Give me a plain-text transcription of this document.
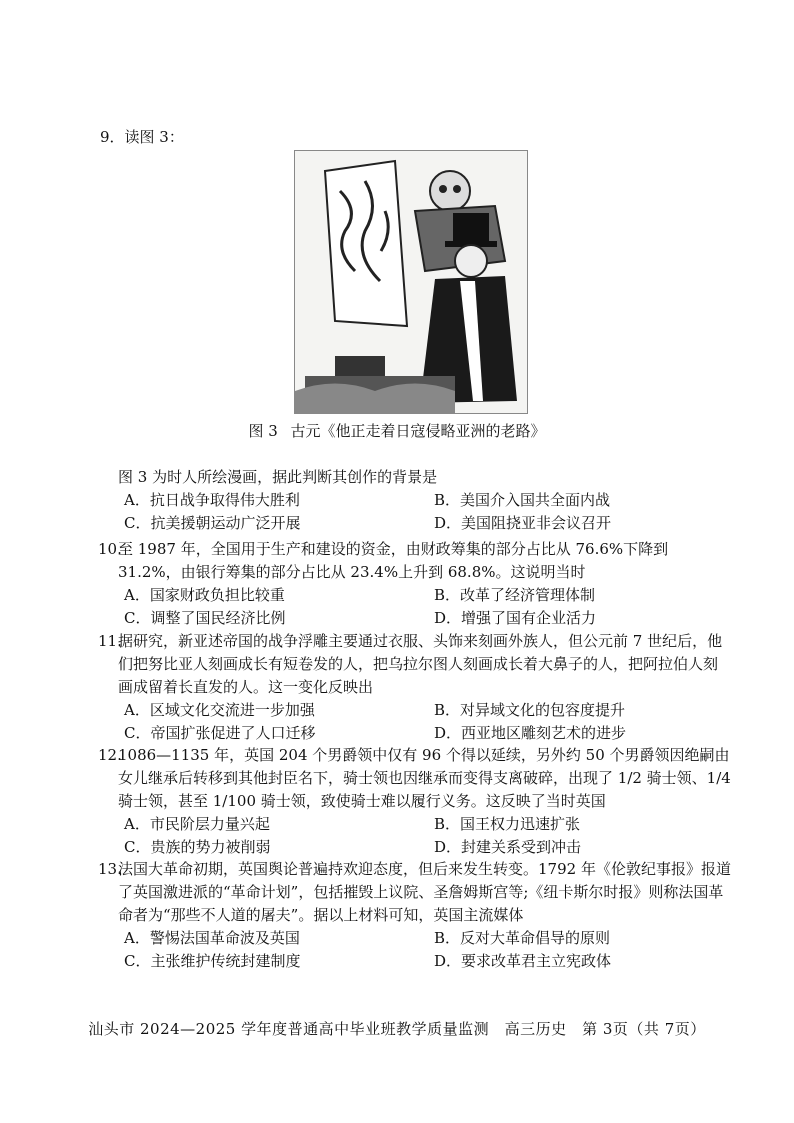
9．读图 3：
图 3 古元《他正走着日寇侵略亚洲的老路》

图 3 为时人所绘漫画，据此判断其创作的背景是

A．抗日战争取得伟大胜利	B．美国介入国共全面内战
C．抗美援朝运动广泛开展	D．美国阻挠亚非会议召开
10.

至 1987 年，全国用于生产和建设的资金，由财政筹集的部分占比从 76.6%下降到 31.2%，由银行筹集的部分占比从 23.4%上升到 68.8%。这说明当时

A．国家财政负担比较重	B．改革了经济管理体制
C．调整了国民经济比例	D．增强了国有企业活力
11.

据研究，新亚述帝国的战争浮雕主要通过衣服、头饰来刻画外族人，但公元前 7 世纪后，他们把努比亚人刻画成长有短卷发的人，把乌拉尔图人刻画成长着大鼻子的人，把阿拉伯人刻画成留着长直发的人。这一变化反映出

A．区域文化交流进一步加强	B．对异域文化的包容度提升
C．帝国扩张促进了人口迁移	D．西亚地区雕刻艺术的进步
12.

1086—1135 年，英国 204 个男爵领中仅有 96 个得以延续，另外约 50 个男爵领因绝嗣由女儿继承后转移到其他封臣名下，骑士领也因继承而变得支离破碎，出现了 1/2 骑士领、1/4 骑士领，甚至 1/100 骑士领，致使骑士难以履行义务。这反映了当时英国

A．市民阶层力量兴起	B．国王权力迅速扩张
C．贵族的势力被削弱	D．封建关系受到冲击
13.

法国大革命初期，英国舆论普遍持欢迎态度，但后来发生转变。1792 年《伦敦纪事报》报道了英国激进派的“革命计划”，包括摧毁上议院、圣詹姆斯宫等;《纽卡斯尔时报》则称法国革命者为“那些不人道的屠夫”。据以上材料可知，英国主流媒体

A．警惕法国革命波及英国	B．反对大革命倡导的原则
C．主张维护传统封建制度	D．要求改革君主立宪政体
汕头市 2024—2025 学年度普通高中毕业班教学质量监测　高三历史　第 3页（共 7页）
